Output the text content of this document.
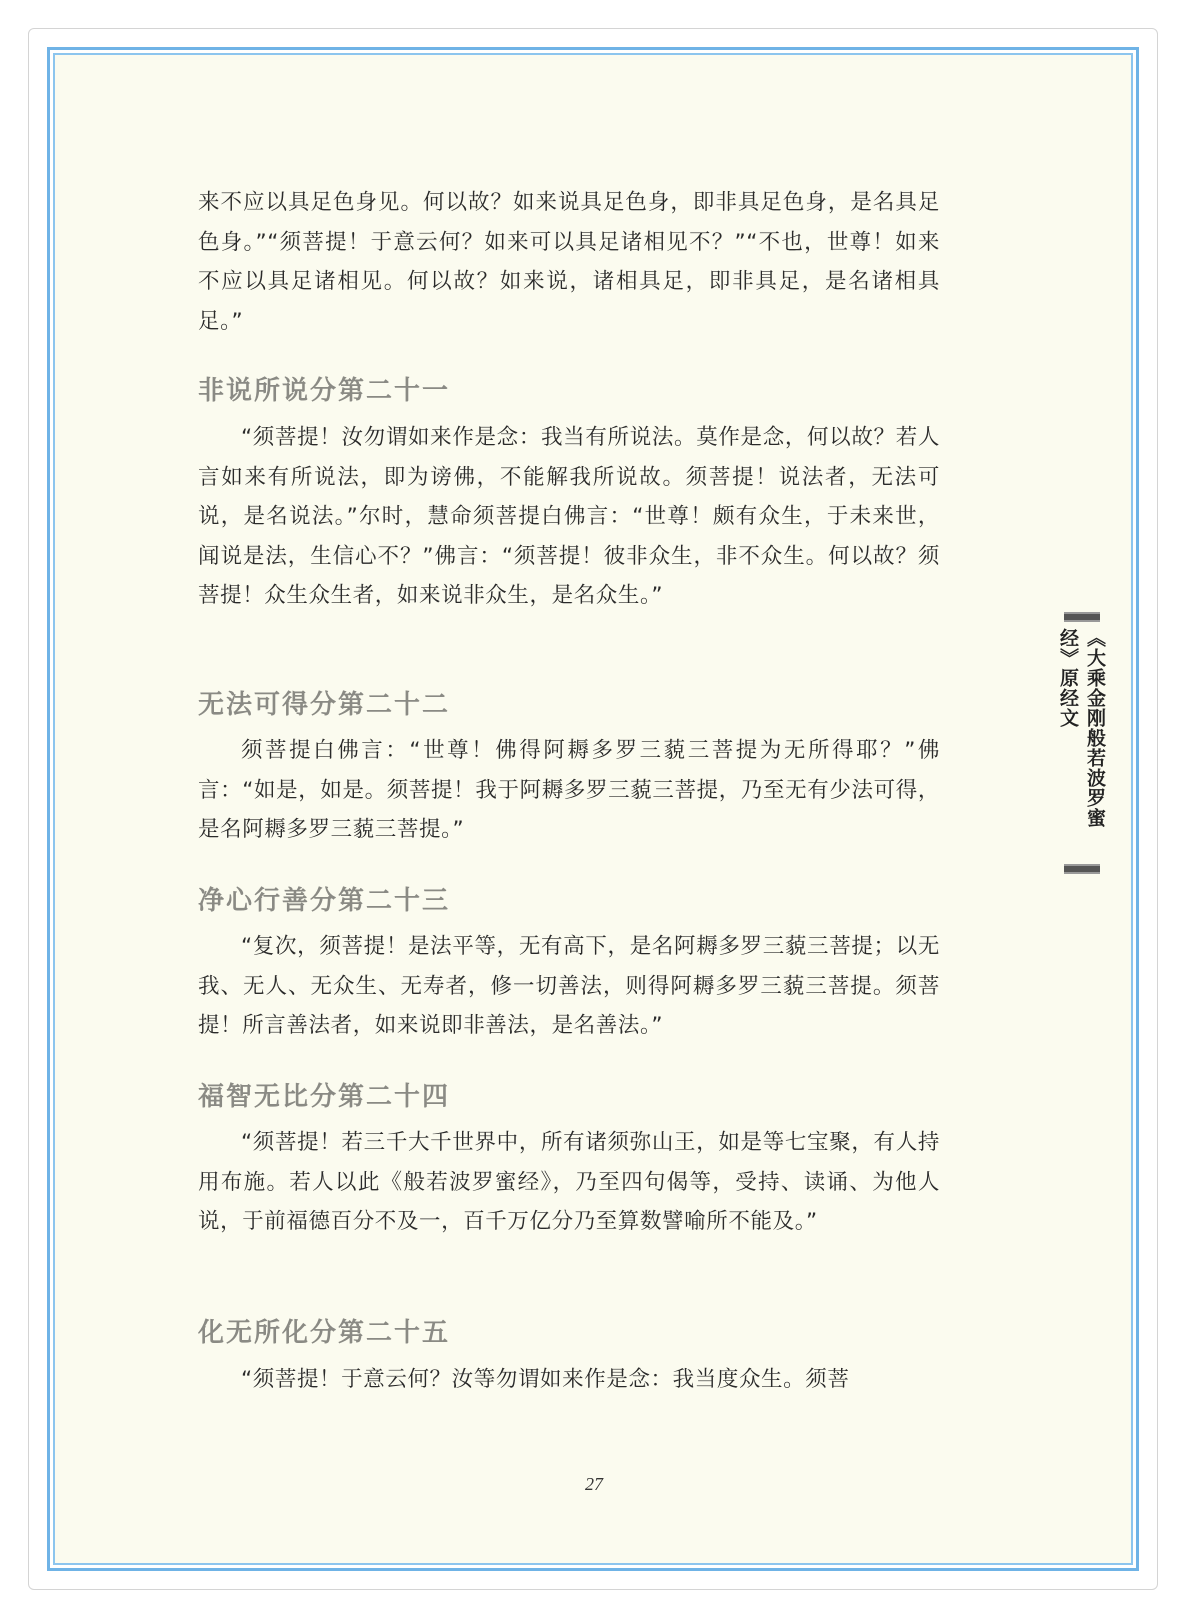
来不应以具足色身见。何以故？如来说具足色身，即非具足色身，是名具足色身。”“须菩提！于意云何？如来可以具足诸相见不？”“不也，世尊！如来不应以具足诸相见。何以故？如来说，诸相具足，即非具足，是名诸相具足。”

非说所说分第二十一

“须菩提！汝勿谓如来作是念：我当有所说法。莫作是念，何以故？若人言如来有所说法，即为谤佛，不能解我所说故。须菩提！说法者，无法可说，是名说法。”尔时，慧命须菩提白佛言：“世尊！颇有众生，于未来世，闻说是法，生信心不？”佛言：“须菩提！彼非众生，非不众生。何以故？须菩提！众生众生者，如来说非众生，是名众生。”

无法可得分第二十二

须菩提白佛言：“世尊！佛得阿耨多罗三藐三菩提为无所得耶？”佛言：“如是，如是。须菩提！我于阿耨多罗三藐三菩提，乃至无有少法可得，是名阿耨多罗三藐三菩提。”

净心行善分第二十三

“复次，须菩提！是法平等，无有高下，是名阿耨多罗三藐三菩提；以无我、无人、无众生、无寿者，修一切善法，则得阿耨多罗三藐三菩提。须菩提！所言善法者，如来说即非善法，是名善法。”

福智无比分第二十四

“须菩提！若三千大千世界中，所有诸须弥山王，如是等七宝聚，有人持用布施。若人以此《般若波罗蜜经》，乃至四句偈等，受持、读诵、为他人说，于前福德百分不及一，百千万亿分乃至算数譬喻所不能及。”

化无所化分第二十五

“须菩提！于意云何？汝等勿谓如来作是念：我当度众生。须菩

27
《大乘金刚般若波罗蜜经》原经文
